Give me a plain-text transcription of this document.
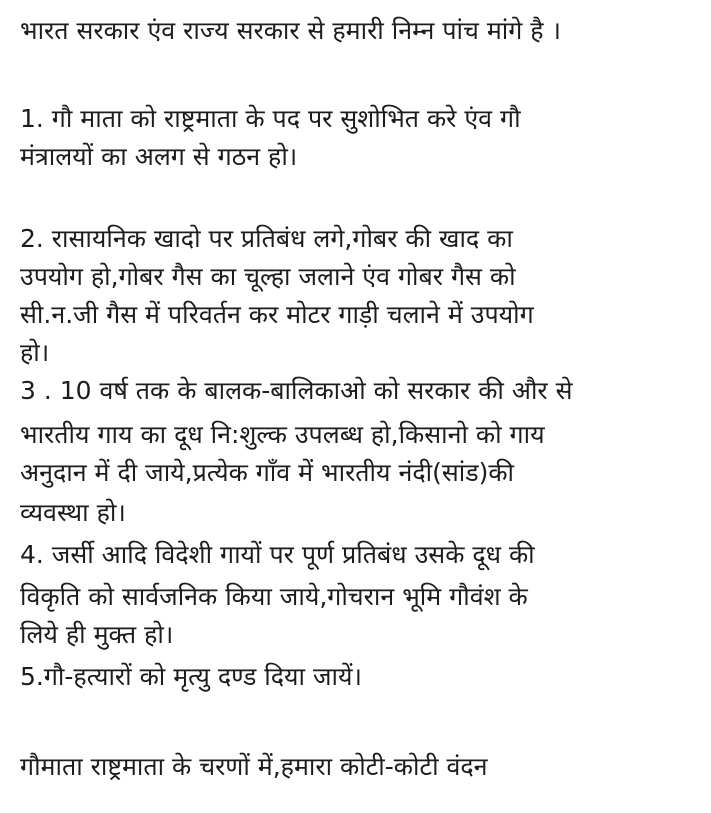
भारत सरकार एंव राज्य सरकार से हमारी निम्न पांच मांगे है ।
1. गौ माता को राष्ट्रमाता के पद पर सुशोभित करे एंव गौ
मंत्रालयों का अलग से गठन हो।
2. रासायनिक खादो पर प्रतिबंध लगे,गोबर की खाद का
उपयोग हो,गोबर गैस का चूल्हा जलाने एंव गोबर गैस को
सी.न.जी गैस में परिवर्तन कर मोटर गाड़ी चलाने में उपयोग
हो।
3 . 10 वर्ष तक के बालक-बालिकाओ को सरकार की और से
भारतीय गाय का दूध नि:शुल्क उपलब्ध हो,किसानो को गाय
अनुदान में दी जाये,प्रत्येक गाँव में भारतीय नंदी(सांड)की
व्यवस्था हो।
4. जर्सी आदि विदेशी गायों पर पूर्ण प्रतिबंध उसके दूध की
विकृति को सार्वजनिक किया जाये,गोचरान भूमि गौवंश के
लिये ही मुक्त हो।
5.गौ-हत्यारों को मृत्यु दण्ड दिया जायें।
गौमाता राष्ट्रमाता के चरणों में,हमारा कोटी-कोटी वंदन
